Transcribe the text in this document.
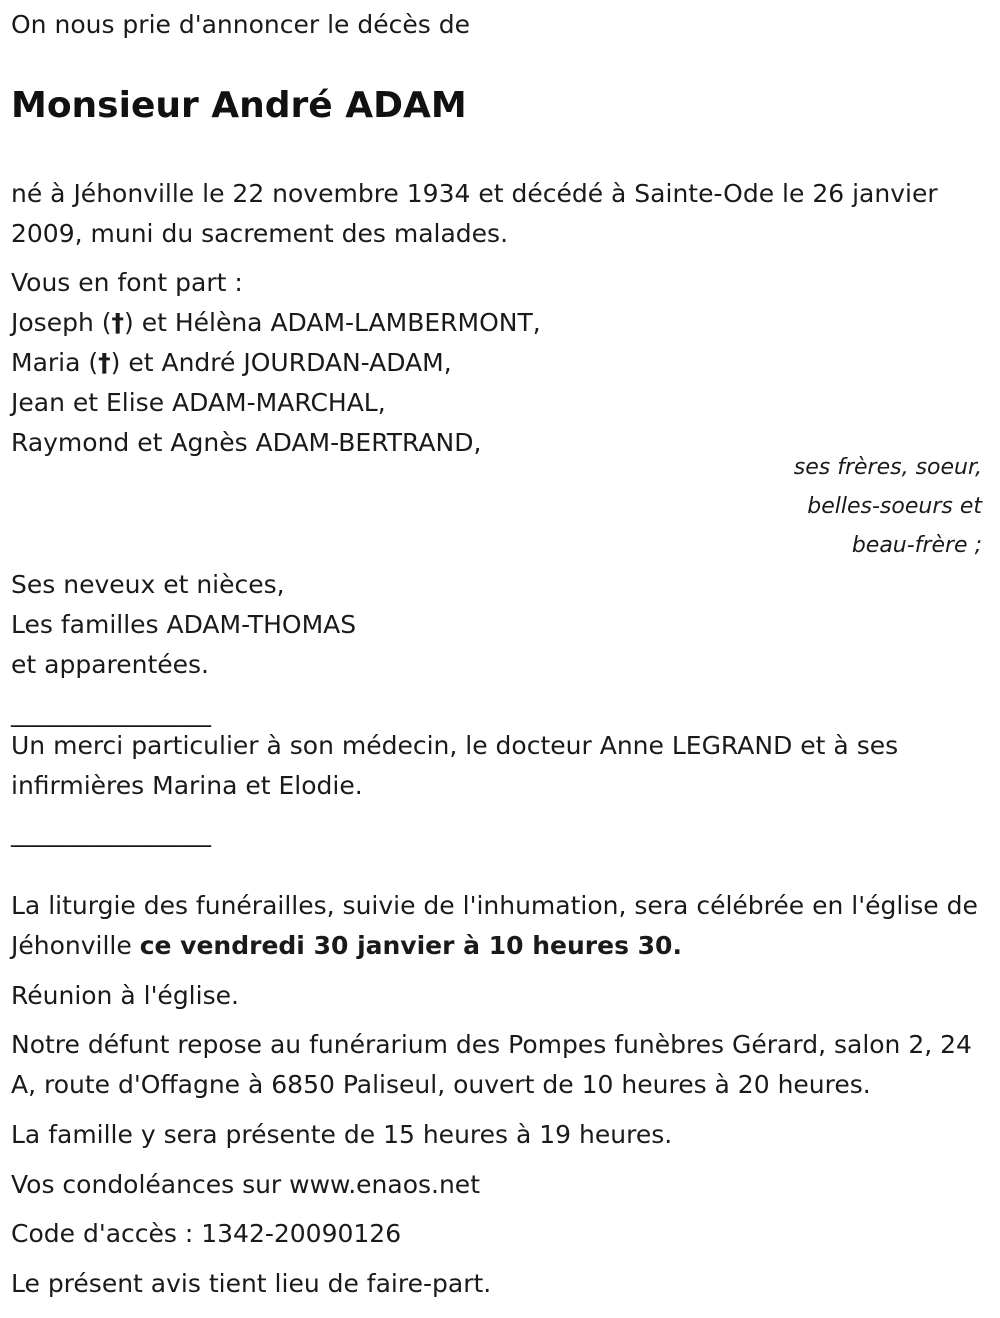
On nous prie d'annoncer le décès de
Monsieur André ADAM
né à Jéhonville le 22 novembre 1934 et décédé à Sainte-Ode le 26 janvier 2009, muni du sacrement des malades.
Vous en font part :
Joseph (†) et Hélèna ADAM-LAMBERMONT,
Maria (†) et André JOURDAN-ADAM,
Jean et Elise ADAM-MARCHAL,
Raymond et Agnès ADAM-BERTRAND,
ses frères, soeur,
belles-soeurs et
beau-frère ;
Ses neveux et nièces,
Les familles ADAM-THOMAS
et apparentées.
________________
Un merci particulier à son médecin, le docteur Anne LEGRAND et à ses infirmières Marina et Elodie.
________________
La liturgie des funérailles, suivie de l'inhumation, sera célébrée en l'église de Jéhonville ce vendredi 30 janvier à 10 heures 30.
Réunion à l'église.
Notre défunt repose au funérarium des Pompes funèbres Gérard, salon 2, 24 A, route d'Offagne à 6850 Paliseul, ouvert de 10 heures à 20 heures.
La famille y sera présente de 15 heures à 19 heures.
Vos condoléances sur www.enaos.net
Code d'accès : 1342-20090126
Le présent avis tient lieu de faire-part.
